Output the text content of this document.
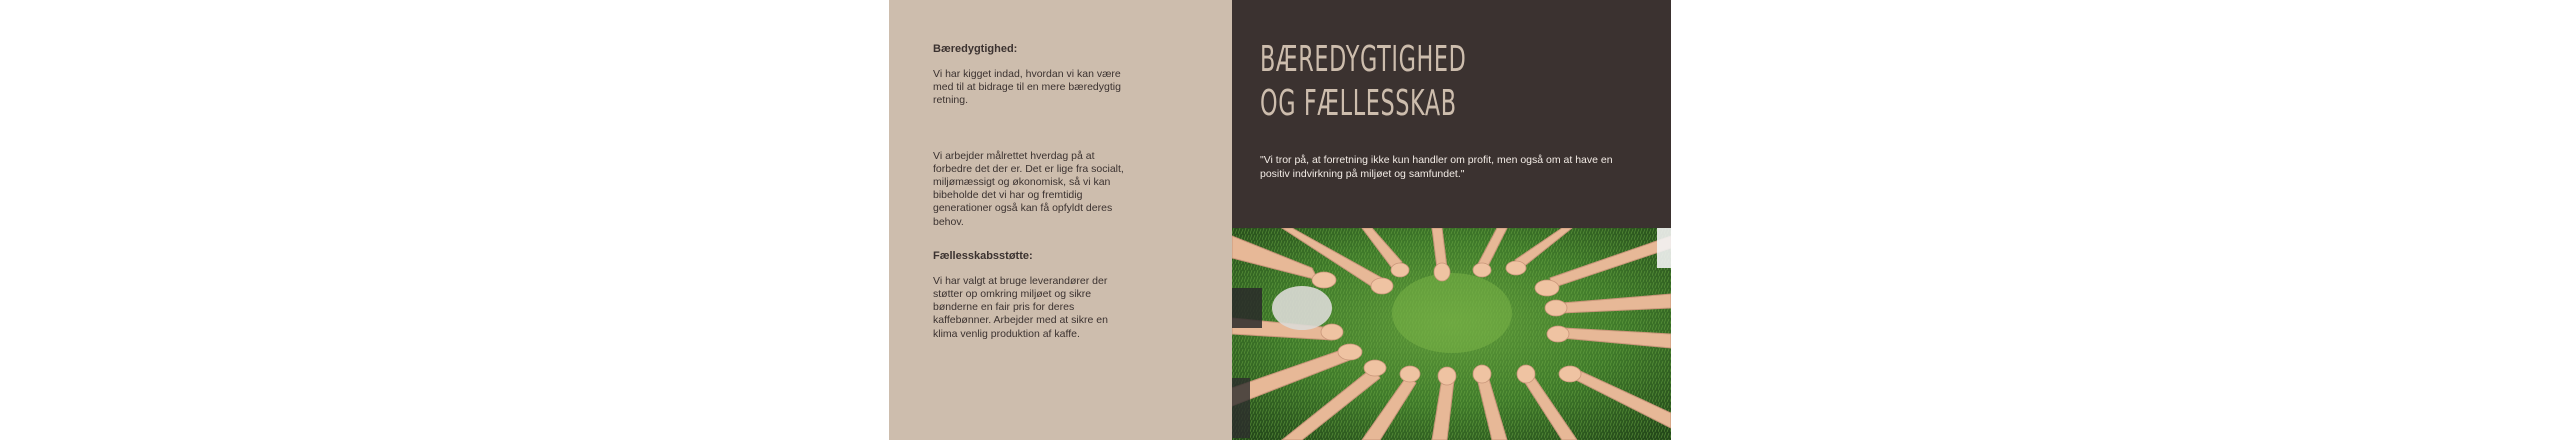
Bæredygtighed:

Vi har kigget indad, hvordan vi kan være med til at bidrage til en mere bæredygtig retning.

Vi arbejder målrettet hverdag på at forbedre det der er. Det er lige fra socialt, miljømæssigt og økonomisk, så vi kan bibeholde det vi har og fremtidig generationer også kan få opfyldt deres behov.

Fællesskabsstøtte:

Vi har valgt at bruge leverandører der støtter op omkring miljøet og sikre bønderne en fair pris for deres kaffebønner. Arbejder med at sikre en klima venlig produktion af kaffe.

BÆREDYGTIGHED
OG FÆLLESSKAB
"Vi tror på, at forretning ikke kun handler om profit, men også om at have en positiv indvirkning på miljøet og samfundet."
